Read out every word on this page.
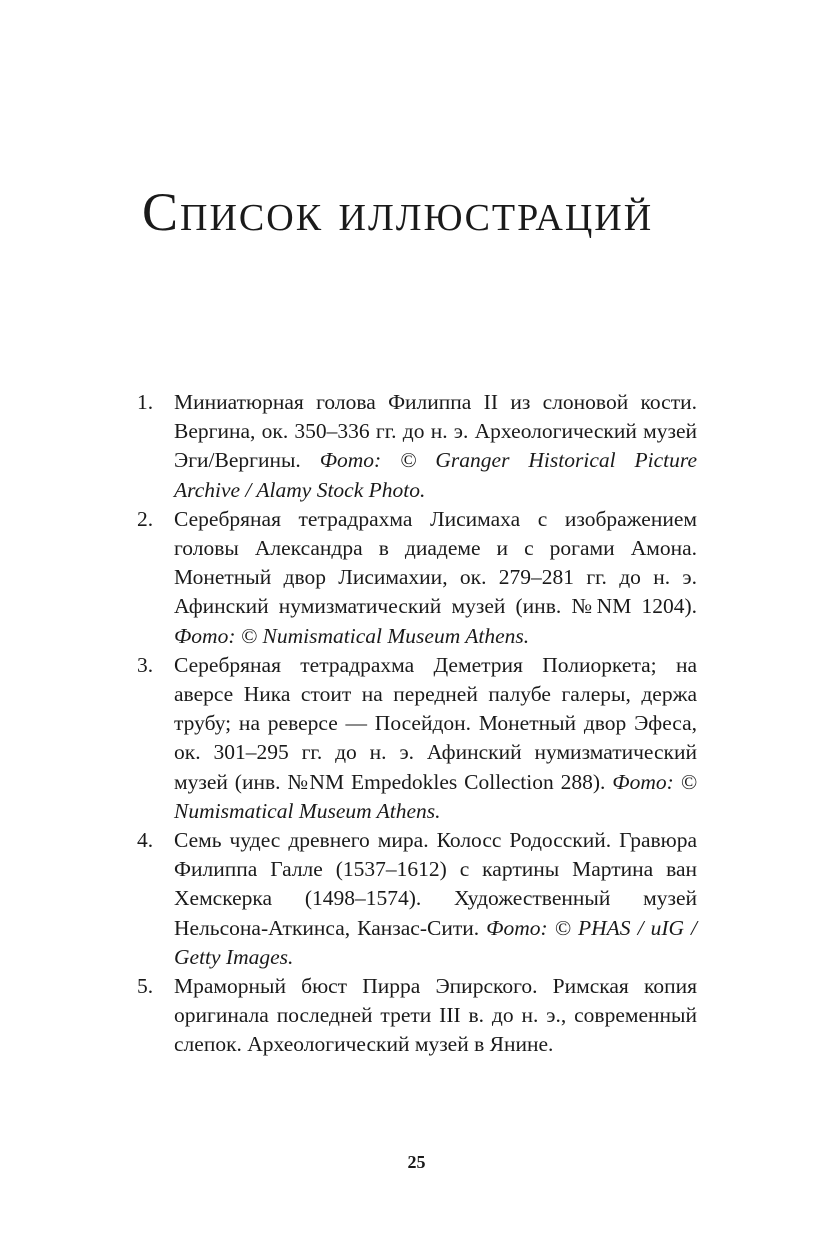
Список иллюстраций
1. Миниатюрная голова Филиппа II из слоновой кости. Вергина, ок. 350–336 гг. до н. э. Археологический музей Эги/Вергины. Фото: © Granger Historical Picture Archive / Alamy Stock Photo.
2. Серебряная тетрадрахма Лисимаха с изображением головы Александра в диадеме и с рогами Амона. Монетный двор Лисимахии, ок. 279–281 гг. до н. э. Афинский нумизматический музей (инв. №NM 1204). Фото: © Numismatical Museum Athens.
3. Серебряная тетрадрахма Деметрия Полиоркета; на аверсе Ника стоит на передней палубе галеры, держа трубу; на реверсе — Посейдон. Монетный двор Эфеса, ок. 301–295 гг. до н. э. Афинский нумизматический музей (инв. №NM Empedokles Collection 288). Фото: © Numismatical Museum Athens.
4. Семь чудес древнего мира. Колосс Родосский. Гравюра Филиппа Галле (1537–1612) с картины Мартина ван Хемскерка (1498–1574). Художественный музей Нельсона-Аткинса, Канзас-Сити. Фото: © PHAS / uIG / Getty Images.
5. Мраморный бюст Пирра Эпирского. Римская копия оригинала последней трети III в. до н. э., современный слепок. Археологический музей в Янине.
25
